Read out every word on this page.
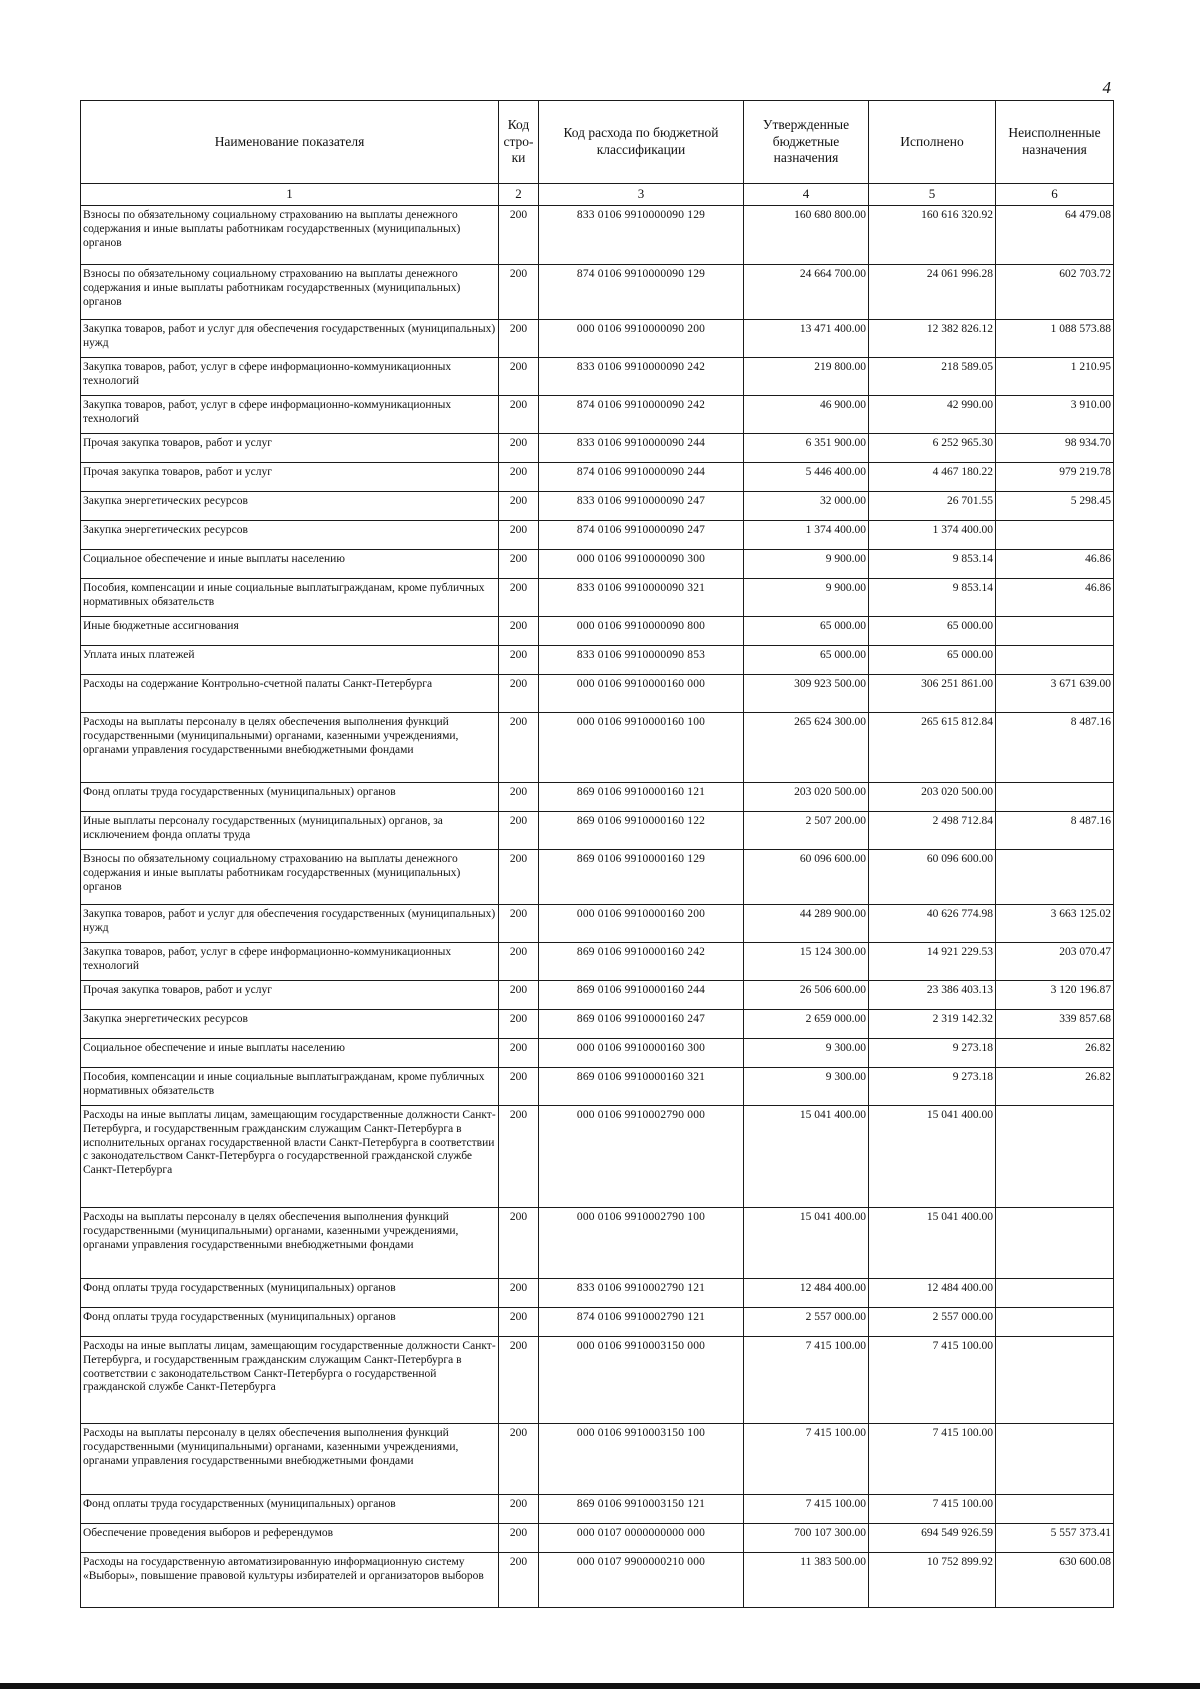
4
Наименование показателя	Код стро-ки	Код расхода по бюджетной классификации	Утвержденные бюджетные назначения	Исполнено	Неисполненные назначения
1	2	3	4	5	6
Взносы по обязательному социальному страхованию на выплаты денежного содержания и иные выплаты работникам государственных (муниципальных) органов	200	833 0106 9910000090 129	160 680 800.00	160 616 320.92	64 479.08
Взносы по обязательному социальному страхованию на выплаты денежного содержания и иные выплаты работникам государственных (муниципальных) органов	200	874 0106 9910000090 129	24 664 700.00	24 061 996.28	602 703.72
Закупка товаров, работ и услуг для обеспечения государственных (муниципальных) нужд	200	000 0106 9910000090 200	13 471 400.00	12 382 826.12	1 088 573.88
Закупка товаров, работ, услуг в сфере информационно-коммуникационных технологий	200	833 0106 9910000090 242	219 800.00	218 589.05	1 210.95
Закупка товаров, работ, услуг в сфере информационно-коммуникационных технологий	200	874 0106 9910000090 242	46 900.00	42 990.00	3 910.00
Прочая закупка товаров, работ и услуг	200	833 0106 9910000090 244	6 351 900.00	6 252 965.30	98 934.70
Прочая закупка товаров, работ и услуг	200	874 0106 9910000090 244	5 446 400.00	4 467 180.22	979 219.78
Закупка энергетических ресурсов	200	833 0106 9910000090 247	32 000.00	26 701.55	5 298.45
Закупка энергетических ресурсов	200	874 0106 9910000090 247	1 374 400.00	1 374 400.00	
Социальное обеспечение и иные выплаты населению	200	000 0106 9910000090 300	9 900.00	9 853.14	46.86
Пособия, компенсации и иные социальные выплатыгражданам, кроме публичных нормативных обязательств	200	833 0106 9910000090 321	9 900.00	9 853.14	46.86
Иные бюджетные ассигнования	200	000 0106 9910000090 800	65 000.00	65 000.00	
Уплата иных платежей	200	833 0106 9910000090 853	65 000.00	65 000.00	
Расходы на содержание Контрольно-счетной палаты Санкт-Петербурга	200	000 0106 9910000160 000	309 923 500.00	306 251 861.00	3 671 639.00
Расходы на выплаты персоналу в целях обеспечения выполнения функций государственными (муниципальными) органами, казенными учреждениями, органами управления государственными внебюджетными фондами	200	000 0106 9910000160 100	265 624 300.00	265 615 812.84	8 487.16
Фонд оплаты труда государственных (муниципальных) органов	200	869 0106 9910000160 121	203 020 500.00	203 020 500.00	
Иные выплаты персоналу государственных (муниципальных) органов, за исключением фонда оплаты труда	200	869 0106 9910000160 122	2 507 200.00	2 498 712.84	8 487.16
Взносы по обязательному социальному страхованию на выплаты денежного содержания и иные выплаты работникам государственных (муниципальных) органов	200	869 0106 9910000160 129	60 096 600.00	60 096 600.00	
Закупка товаров, работ и услуг для обеспечения государственных (муниципальных) нужд	200	000 0106 9910000160 200	44 289 900.00	40 626 774.98	3 663 125.02
Закупка товаров, работ, услуг в сфере информационно-коммуникационных технологий	200	869 0106 9910000160 242	15 124 300.00	14 921 229.53	203 070.47
Прочая закупка товаров, работ и услуг	200	869 0106 9910000160 244	26 506 600.00	23 386 403.13	3 120 196.87
Закупка энергетических ресурсов	200	869 0106 9910000160 247	2 659 000.00	2 319 142.32	339 857.68
Социальное обеспечение и иные выплаты населению	200	000 0106 9910000160 300	9 300.00	9 273.18	26.82
Пособия, компенсации и иные социальные выплатыгражданам, кроме публичных нормативных обязательств	200	869 0106 9910000160 321	9 300.00	9 273.18	26.82
Расходы на иные выплаты лицам, замещающим государственные должности Санкт-Петербурга, и государственным гражданским служащим Санкт-Петербурга в исполнительных органах государственной власти Санкт-Петербурга в соответствии с законодательством Санкт-Петербурга о государственной гражданской службе Санкт-Петербурга	200	000 0106 9910002790 000	15 041 400.00	15 041 400.00	
Расходы на выплаты персоналу в целях обеспечения выполнения функций государственными (муниципальными) органами, казенными учреждениями, органами управления государственными внебюджетными фондами	200	000 0106 9910002790 100	15 041 400.00	15 041 400.00	
Фонд оплаты труда государственных (муниципальных) органов	200	833 0106 9910002790 121	12 484 400.00	12 484 400.00	
Фонд оплаты труда государственных (муниципальных) органов	200	874 0106 9910002790 121	2 557 000.00	2 557 000.00	
Расходы на иные выплаты лицам, замещающим государственные должности Санкт-Петербурга, и государственным гражданским служащим Санкт-Петербурга в соответствии с законодательством Санкт-Петербурга о государственной гражданской службе Санкт-Петербурга	200	000 0106 9910003150 000	7 415 100.00	7 415 100.00	
Расходы на выплаты персоналу в целях обеспечения выполнения функций государственными (муниципальными) органами, казенными учреждениями, органами управления государственными внебюджетными фондами	200	000 0106 9910003150 100	7 415 100.00	7 415 100.00	
Фонд оплаты труда государственных (муниципальных) органов	200	869 0106 9910003150 121	7 415 100.00	7 415 100.00	
Обеспечение проведения выборов и референдумов	200	000 0107 0000000000 000	700 107 300.00	694 549 926.59	5 557 373.41
Расходы на государственную автоматизированную информационную систему «Выборы», повышение правовой культуры избирателей и организаторов выборов	200	000 0107 9900000210 000	11 383 500.00	10 752 899.92	630 600.08
